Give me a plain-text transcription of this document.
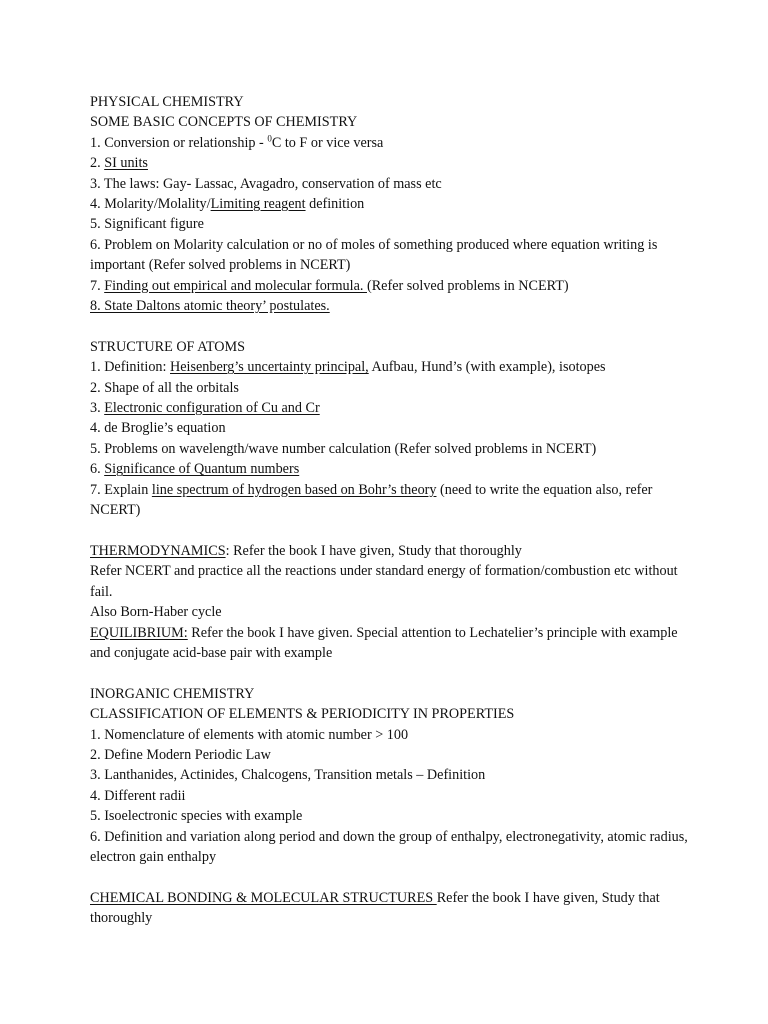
PHYSICAL CHEMISTRY
SOME BASIC CONCEPTS OF CHEMISTRY
1. Conversion or relationship - $^0$C to F or vice versa
2. SI units
3. The laws: Gay- Lassac, Avagadro, conservation of mass etc
4. Molarity/Molality/Limiting reagent definition
5. Significant figure
6. Problem on Molarity calculation or no of moles of something produced where equation writing is important (Refer solved problems in NCERT)
7. Finding out empirical and molecular formula. (Refer solved problems in NCERT)
8. State Daltons atomic theory’ postulates.
STRUCTURE OF ATOMS
1. Definition: Heisenberg’s uncertainty principal, Aufbau, Hund’s (with example), isotopes
2. Shape of all the orbitals
3. Electronic configuration of Cu and Cr
4. de Broglie’s equation
5. Problems on wavelength/wave number calculation (Refer solved problems in NCERT)
6. Significance of Quantum numbers
7. Explain line spectrum of hydrogen based on Bohr’s theory (need to write the equation also, refer NCERT)
THERMODYNAMICS: Refer the book I have given, Study that thoroughly
Refer NCERT and practice all the reactions under standard energy of formation/combustion etc without fail.
Also Born-Haber cycle
EQUILIBRIUM: Refer the book I have given. Special attention to Lechatelier’s principle with example and conjugate acid-base pair with example
INORGANIC CHEMISTRY
CLASSIFICATION OF ELEMENTS & PERIODICITY IN PROPERTIES
1. Nomenclature of elements with atomic number > 100
2. Define Modern Periodic Law
3. Lanthanides, Actinides, Chalcogens, Transition metals – Definition
4. Different radii
5. Isoelectronic species with example
6. Definition and variation along period and down the group of enthalpy, electronegativity, atomic radius, electron gain enthalpy
CHEMICAL BONDING & MOLECULAR STRUCTURES Refer the book I have given, Study that thoroughly
